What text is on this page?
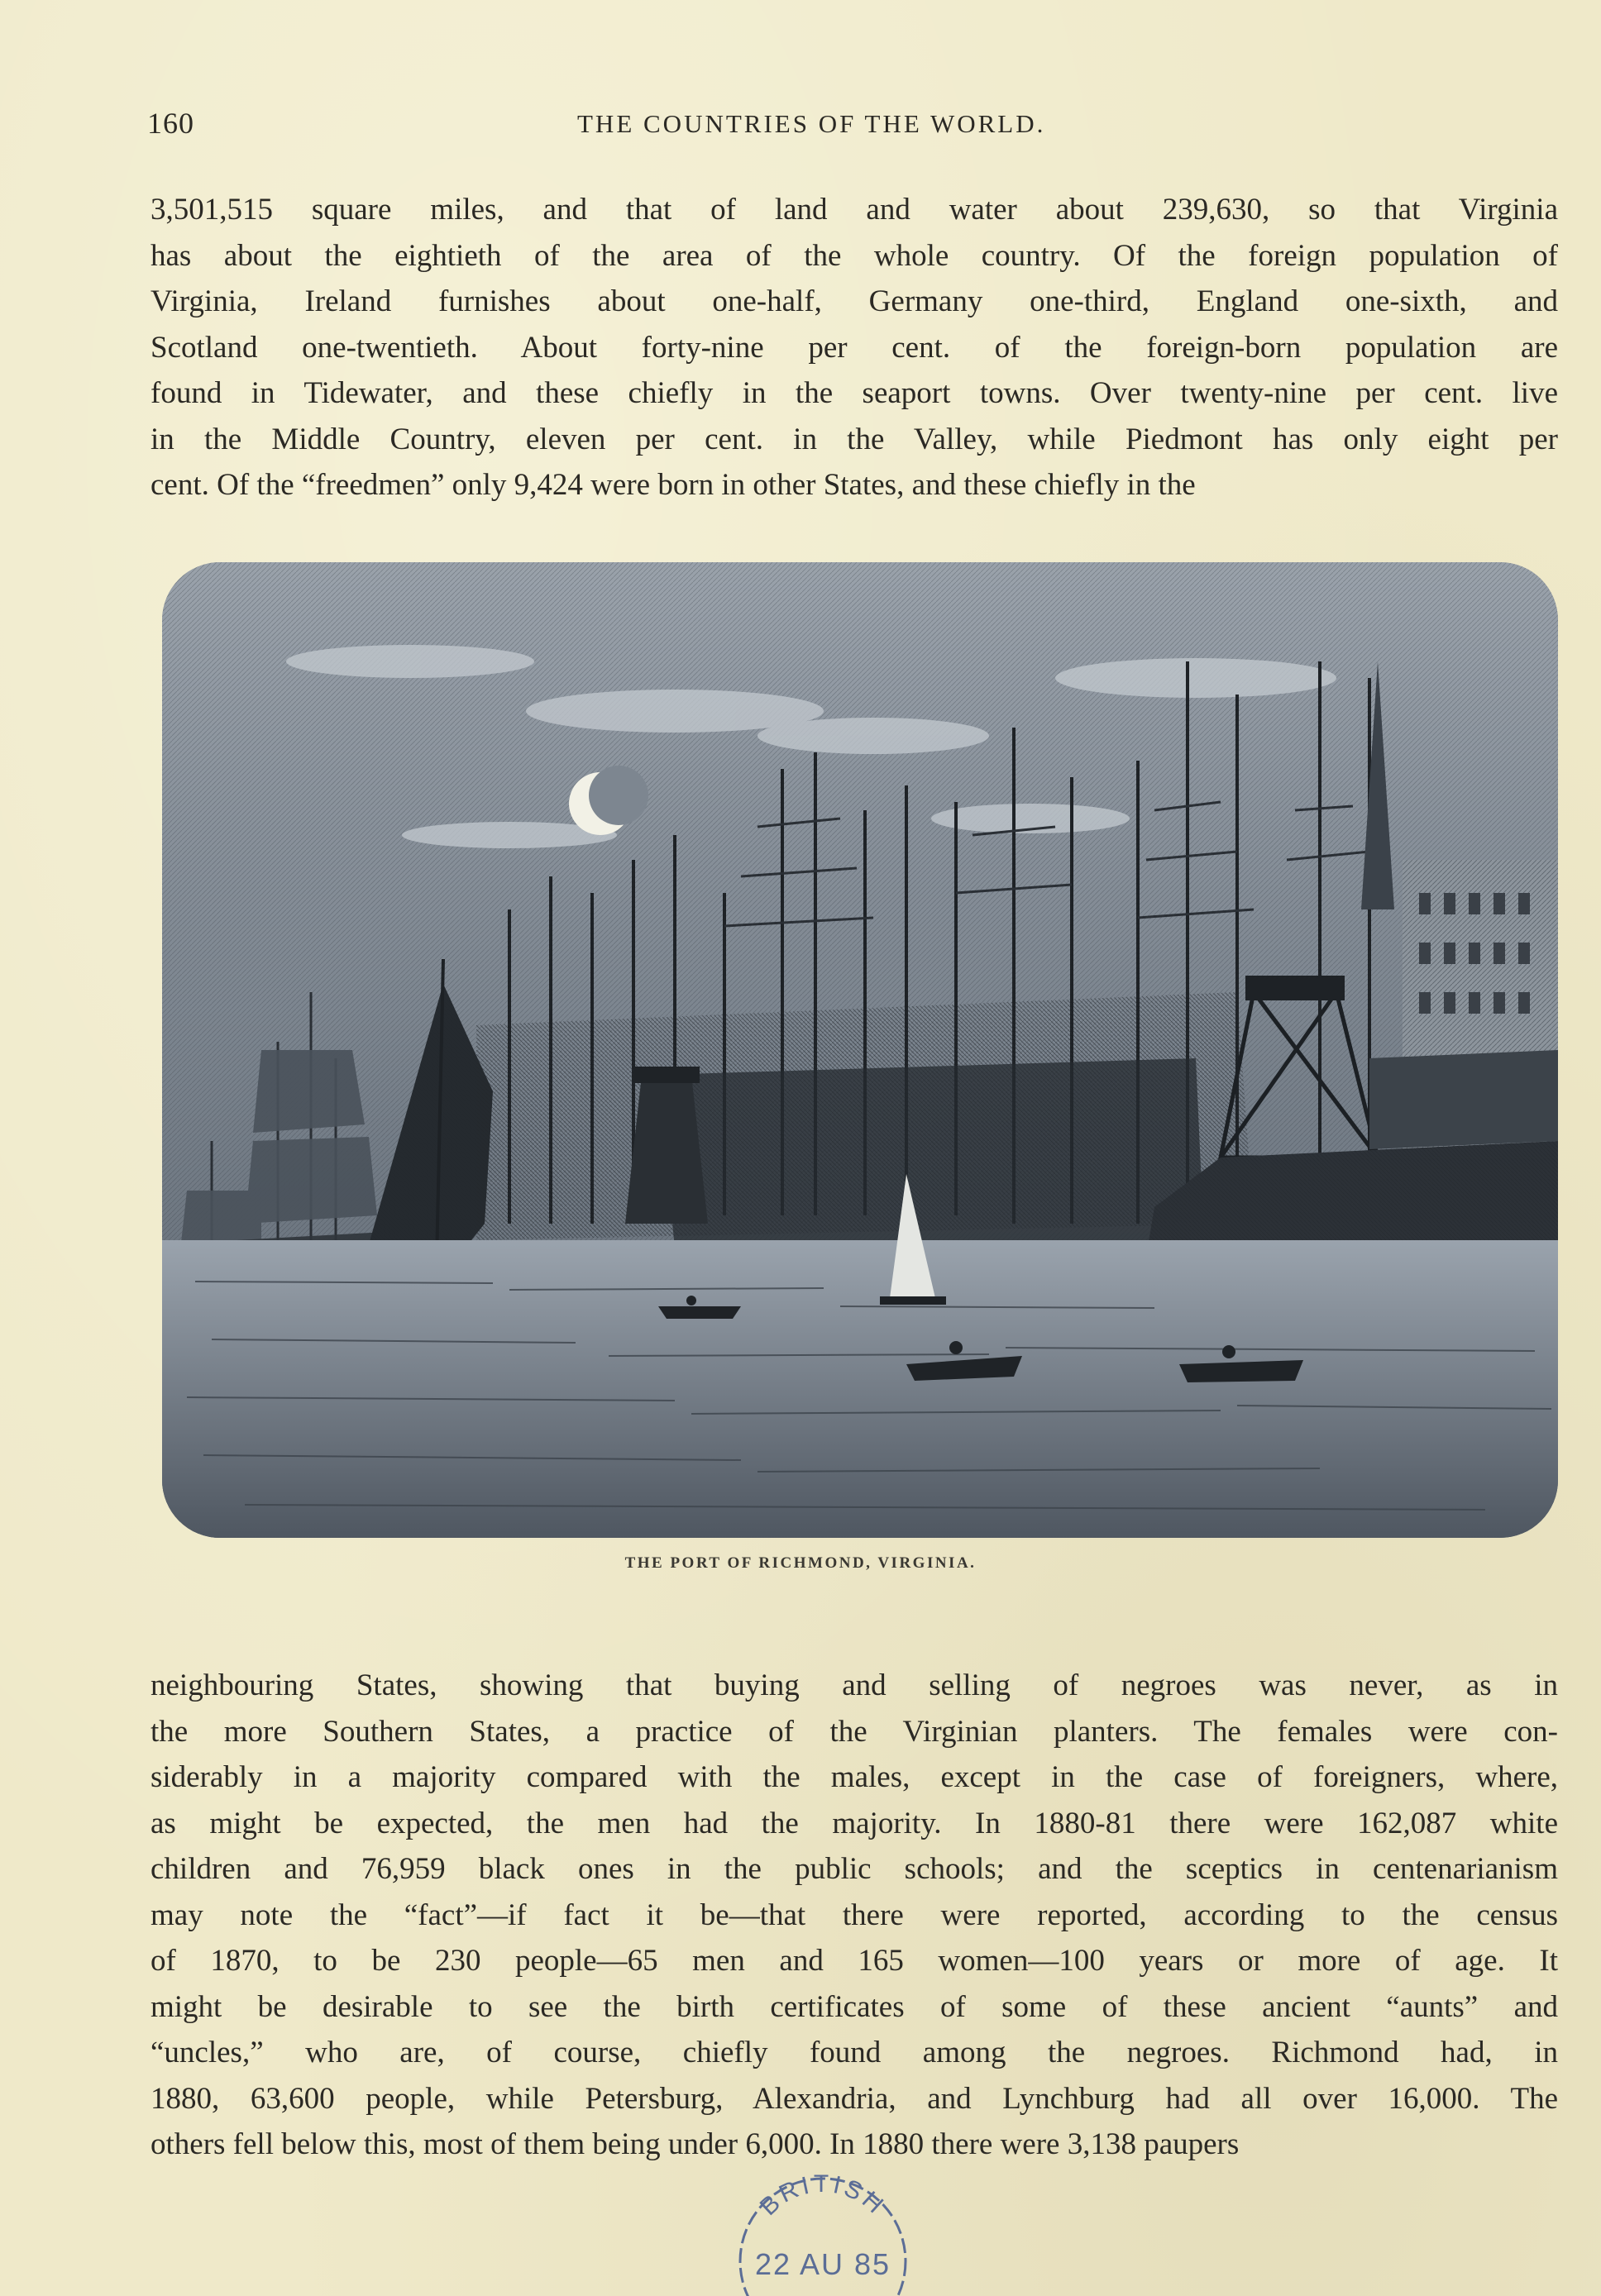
160	THE COUNTRIES OF THE WORLD.

3,501,515 square miles, and that of land and water about 239,630, so that Virginia
has about the eightieth of the area of the whole country. Of the foreign population of
Virginia, Ireland furnishes about one-half, Germany one-third, England one-sixth, and
Scotland one-twentieth. About forty-nine per cent. of the foreign-born population are
found in Tidewater, and these chiefly in the seaport towns. Over twenty-nine per cent. live
in the Middle Country, eleven per cent. in the Valley, while Piedmont has only eight per
cent. Of the “freedmen” only 9,424 were born in other States, and these chiefly in the

THE PORT OF RICHMOND, VIRGINIA.

neighbouring States, showing that buying and selling of negroes was never, as in
the more Southern States, a practice of the Virginian planters. The females were con-
siderably in a majority compared with the males, except in the case of foreigners, where,
as might be expected, the men had the majority. In 1880-81 there were 162,087 white
children and 76,959 black ones in the public schools; and the sceptics in centenarianism
may note the “fact”—if fact it be—that there were reported, according to the census
of 1870, to be 230 people—65 men and 165 women—100 years or more of age. It
might be desirable to see the birth certificates of some of these ancient “aunts” and
“uncles,” who are, of course, chiefly found among the negroes. Richmond had, in
1880, 63,600 people, while Petersburg, Alexandria, and Lynchburg had all over 16,000. The
others fell below this, most of them being under 6,000. In 1880 there were 3,138 paupers

BRITISH
22 AU 85
